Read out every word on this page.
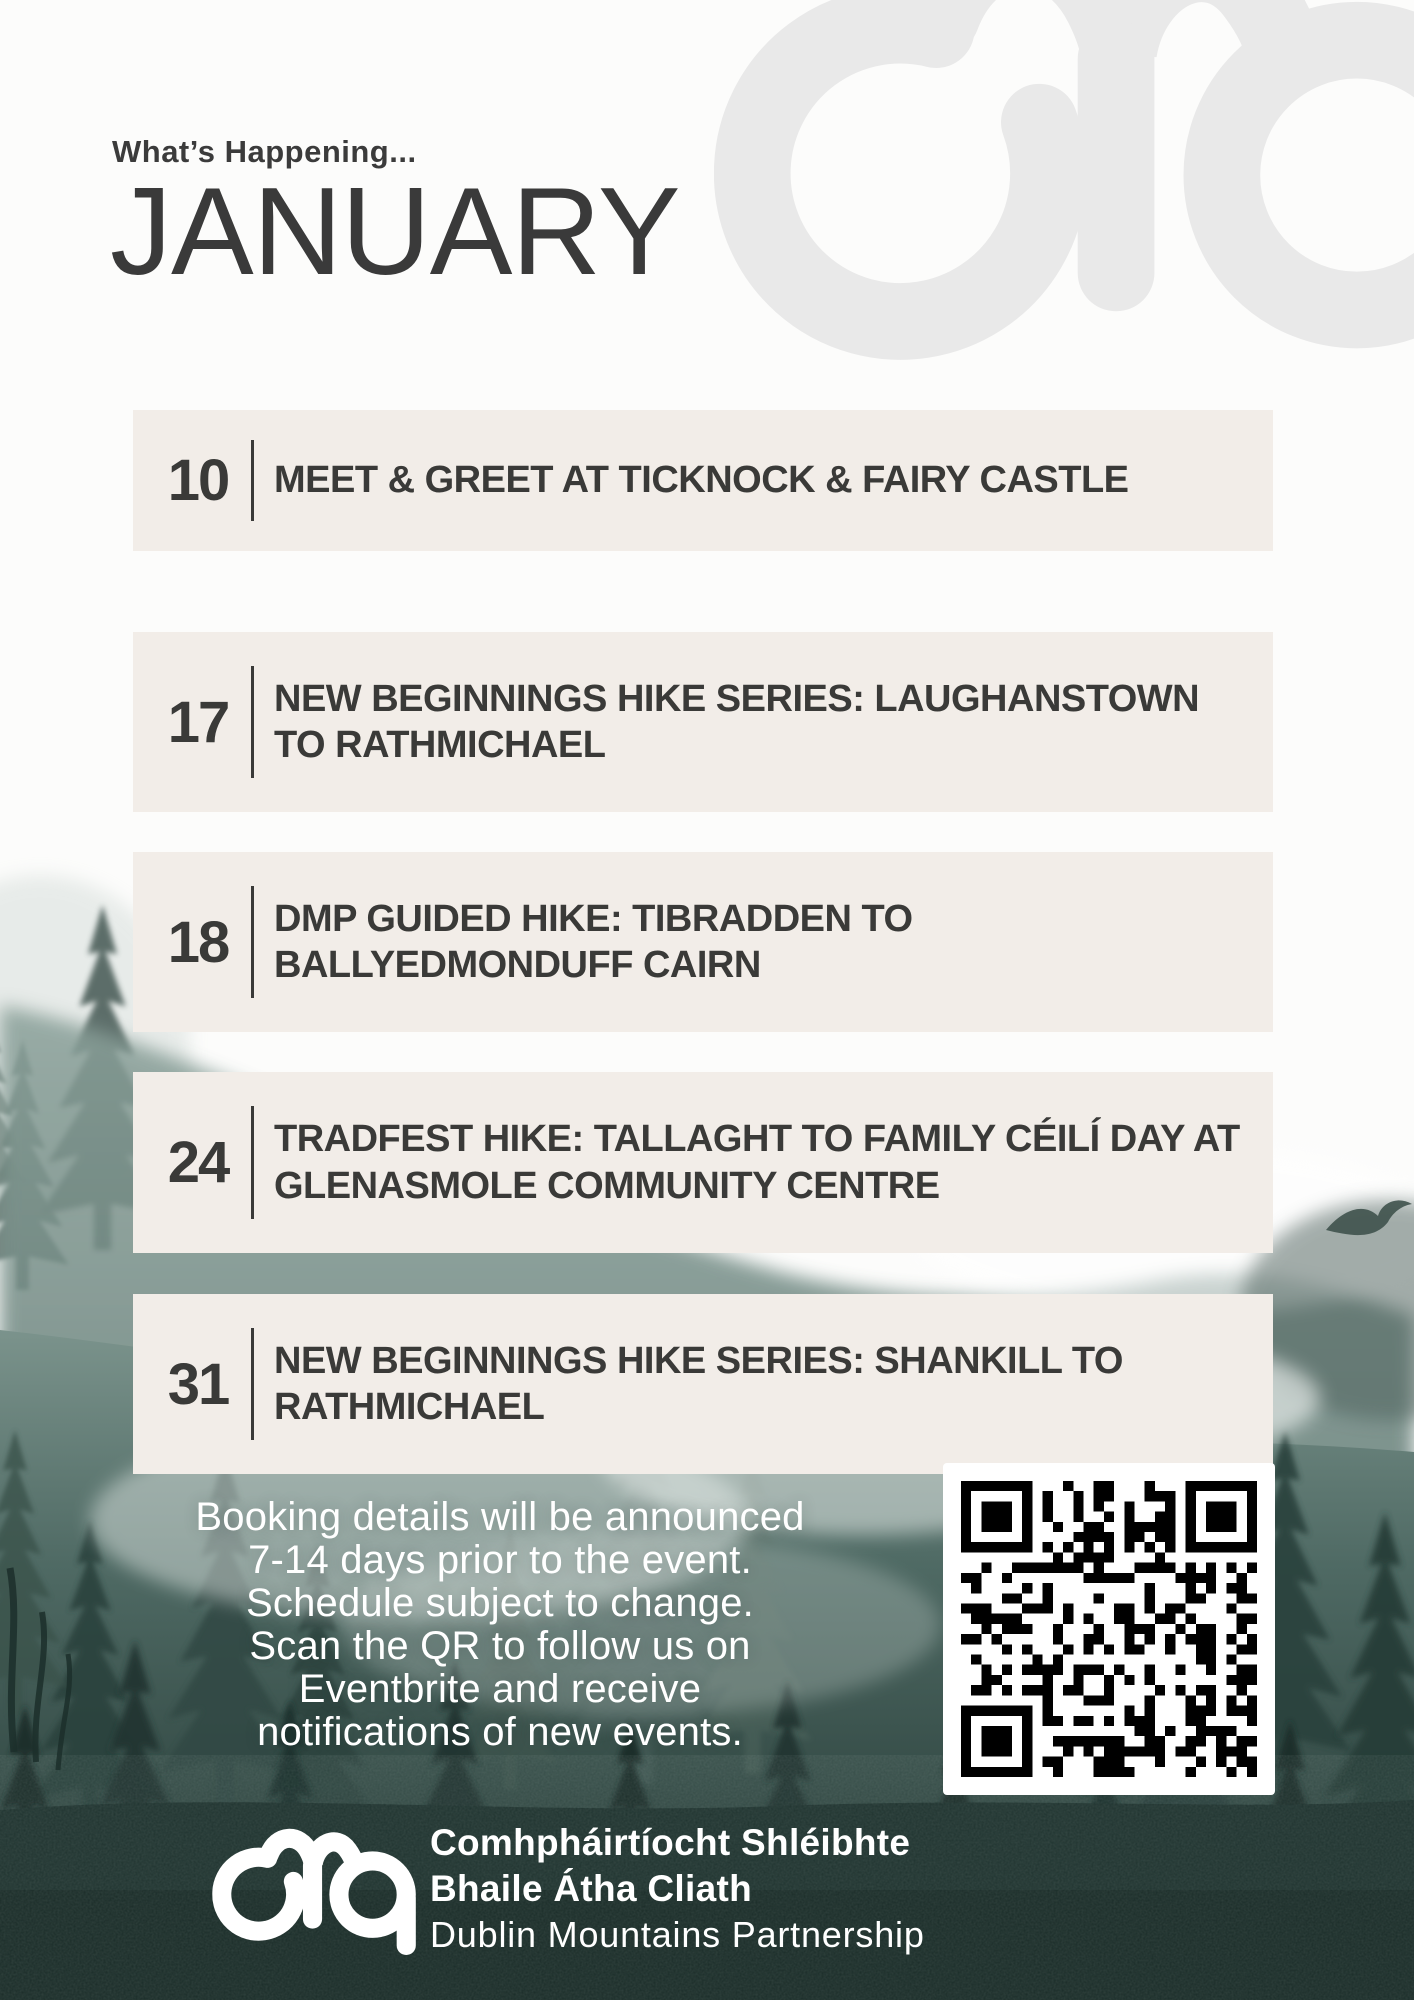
What’s Happening...
JANUARY
10 MEET & GREET AT TICKNOCK & FAIRY CASTLE
17 NEW BEGINNINGS HIKE SERIES: LAUGHANSTOWN TO RATHMICHAEL
18 DMP GUIDED HIKE: TIBRADDEN TO BALLYEDMONDUFF CAIRN
24 TRADFEST HIKE: TALLAGHT TO FAMILY CÉILÍ DAY AT GLENASMOLE COMMUNITY CENTRE
31 NEW BEGINNINGS HIKE SERIES: SHANKILL TO RATHMICHAEL
Booking details will be announced
7-14 days prior to the event.
Schedule subject to change.
Scan the QR to follow us on
Eventbrite and receive
notifications of new events.
Comhpháirtíocht Shléibhte
Bhaile Átha Cliath
Dublin Mountains Partnership
